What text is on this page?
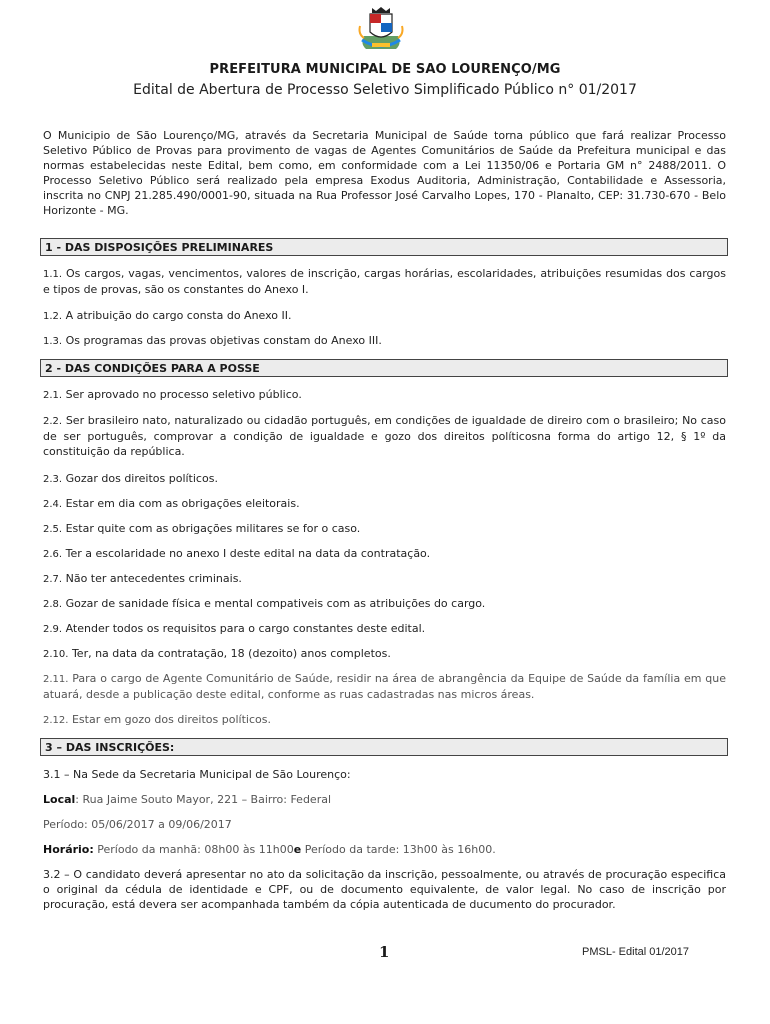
PREFEITURA MUNICIPAL DE SAO LOURENÇO/MG
Edital de Abertura de Processo Seletivo Simplificado Público n° 01/2017

O Municipio de São Lourenço/MG, através da Secretaria Municipal de Saúde torna público que fará realizar Processo Seletivo Público de Provas para provimento de vagas de Agentes Comunitários de Saúde da Prefeitura municipal e das normas estabelecidas neste Edital, bem como, em conformidade com a Lei 11350/06 e Portaria GM n° 2488/2011. O Processo Seletivo Público será realizado pela empresa Exodus Auditoria, Administração, Contabilidade e Assessoria, inscrita no CNPJ 21.285.490/0001-90, situada na Rua Professor José Carvalho Lopes, 170 - Planalto, CEP: 31.730-670 - Belo Horizonte - MG.

1 - DAS DISPOSIÇÕES PRELIMINARES

1.1. Os cargos, vagas, vencimentos, valores de inscrição, cargas horárias, escolaridades, atribuições resumidas dos cargos e tipos de provas, são os constantes do Anexo I.

1.2. A atribuição do cargo consta do Anexo II.

1.3. Os programas das provas objetivas constam do Anexo III.

2 - DAS CONDIÇÕES PARA A POSSE

2.1. Ser aprovado no processo seletivo público.

2.2. Ser brasileiro nato, naturalizado ou cidadão português, em condições de igualdade de direiro com o brasileiro; No caso de ser português, comprovar a condição de igualdade e gozo dos direitos políticosna forma do artigo 12, § 1º da constituição da república.

2.3. Gozar dos direitos políticos.

2.4. Estar em dia com as obrigações eleitorais.

2.5. Estar quite com as obrigações militares se for o caso.

2.6. Ter a escolaridade no anexo I deste edital na data da contratação.

2.7. Não ter antecedentes criminais.

2.8. Gozar de sanidade física e mental compativeis com as atribuições do cargo.

2.9. Atender todos os requisitos para o cargo constantes deste edital.

2.10. Ter, na data da contratação, 18 (dezoito) anos completos.

2.11. Para o cargo de Agente Comunitário de Saúde, residir na área de abrangência da Equipe de Saúde da família em que atuará, desde a publicação deste edital, conforme as ruas cadastradas nas micros áreas.

2.12. Estar em gozo dos direitos políticos.

3 – DAS INSCRIÇÕES:

3.1 – Na Sede da Secretaria Municipal de São Lourenço:

Local: Rua Jaime Souto Mayor, 221 – Bairro: Federal

Período: 05/06/2017 a 09/06/2017

Horário: Período da manhã: 08h00 às 11h00e Período da tarde: 13h00 às 16h00.

3.2 – O candidato deverá apresentar no ato da solicitação da inscrição, pessoalmente, ou através de procuração especifica o original da cédula de identidade e CPF, ou de documento equivalente, de valor legal. No caso de inscrição por procuração, está devera ser acompanhada também da cópia autenticada de ducumento do procurador.

1	PMSL- Edital 01/2017
